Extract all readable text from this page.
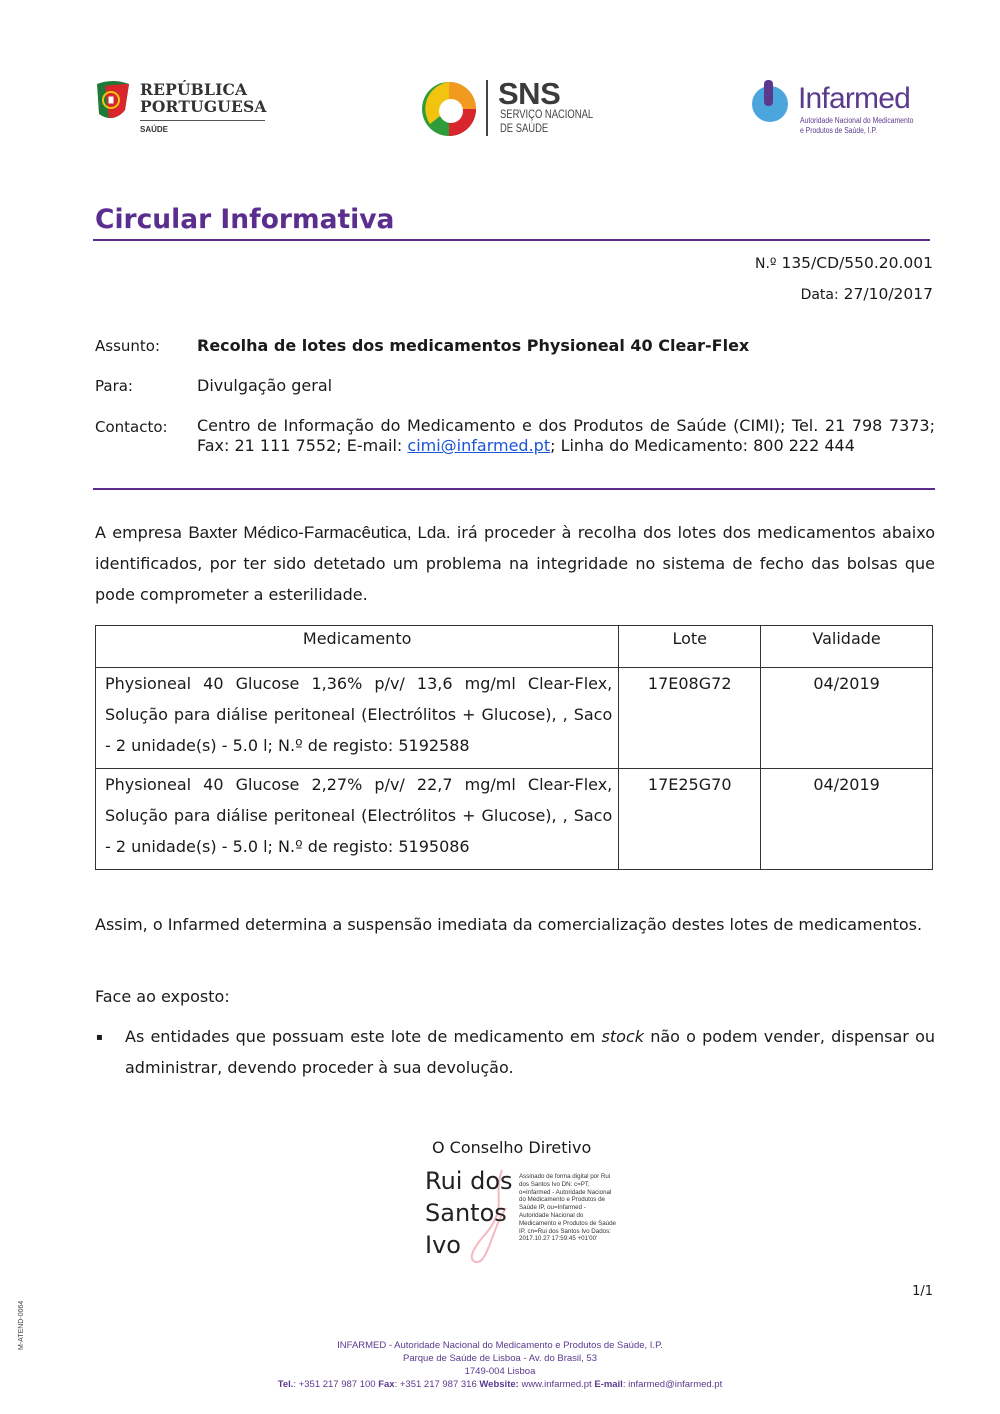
REPÚBLICA
PORTUGUESA
SAÚDE
SNS
SERVIÇO NACIONAL
DE SAÚDE
Infarmed
Autoridade Nacional do Medicamento
e Produtos de Saúde, I.P.
Circular Informativa
N.º 135/CD/550.20.001
Data: 27/10/2017
Assunto: Recolha de lotes dos medicamentos Physioneal 40 Clear-Flex
Para:	Divulgação geral
Contacto: Centro de Informação do Medicamento e dos Produtos de Saúde (CIMI); Tel. 21 798 7373; Fax: 21 111 7552; E-mail: cimi@infarmed.pt; Linha do Medicamento: 800 222 444
A empresa Baxter Médico-Farmacêutica, Lda. irá proceder à recolha dos lotes dos medicamentos abaixo identificados, por ter sido detetado um problema na integridade no sistema de fecho das bolsas que pode comprometer a esterilidade.
Medicamento	Lote	Validade
Physioneal 40 Glucose 1,36% p/v/ 13,6 mg/ml Clear-Flex, Solução para diálise peritoneal (Electrólitos + Glucose), , Saco - 2 unidade(s) - 5.0 l; N.º de registo: 5192588	17E08G72	04/2019
Physioneal 40 Glucose 2,27% p/v/ 22,7 mg/ml Clear-Flex, Solução para diálise peritoneal (Electrólitos + Glucose), , Saco - 2 unidade(s) - 5.0 l; N.º de registo: 5195086	17E25G70	04/2019
Assim, o Infarmed determina a suspensão imediata da comercialização destes lotes de medicamentos.
Face ao exposto:
▪ As entidades que possuam este lote de medicamento em stock não o podem vender, dispensar ou administrar, devendo proceder à sua devolução.
O Conselho Diretivo
Rui dos
Santos
Ivo
Assinado de forma digital por Rui dos Santos Ivo DN: c=PT, o=Infarmed - Autoridade Nacional do Medicamento e Produtos de Saúde IP, ou=Infarmed - Autoridade Nacional do Medicamento e Produtos de Saúde IP, cn=Rui dos Santos Ivo Dados: 2017.10.27 17:59:45 +01'00'
1/1
M-ATEND-0064	INFARMED - Autoridade Nacional do Medicamento e Produtos de Saúde, I.P.
Parque de Saúde de Lisboa - Av. do Brasil, 53
1749-004 Lisboa
Tel.: +351 217 987 100 Fax: +351 217 987 316 Website: www.infarmed.pt E-mail: infarmed@infarmed.pt
